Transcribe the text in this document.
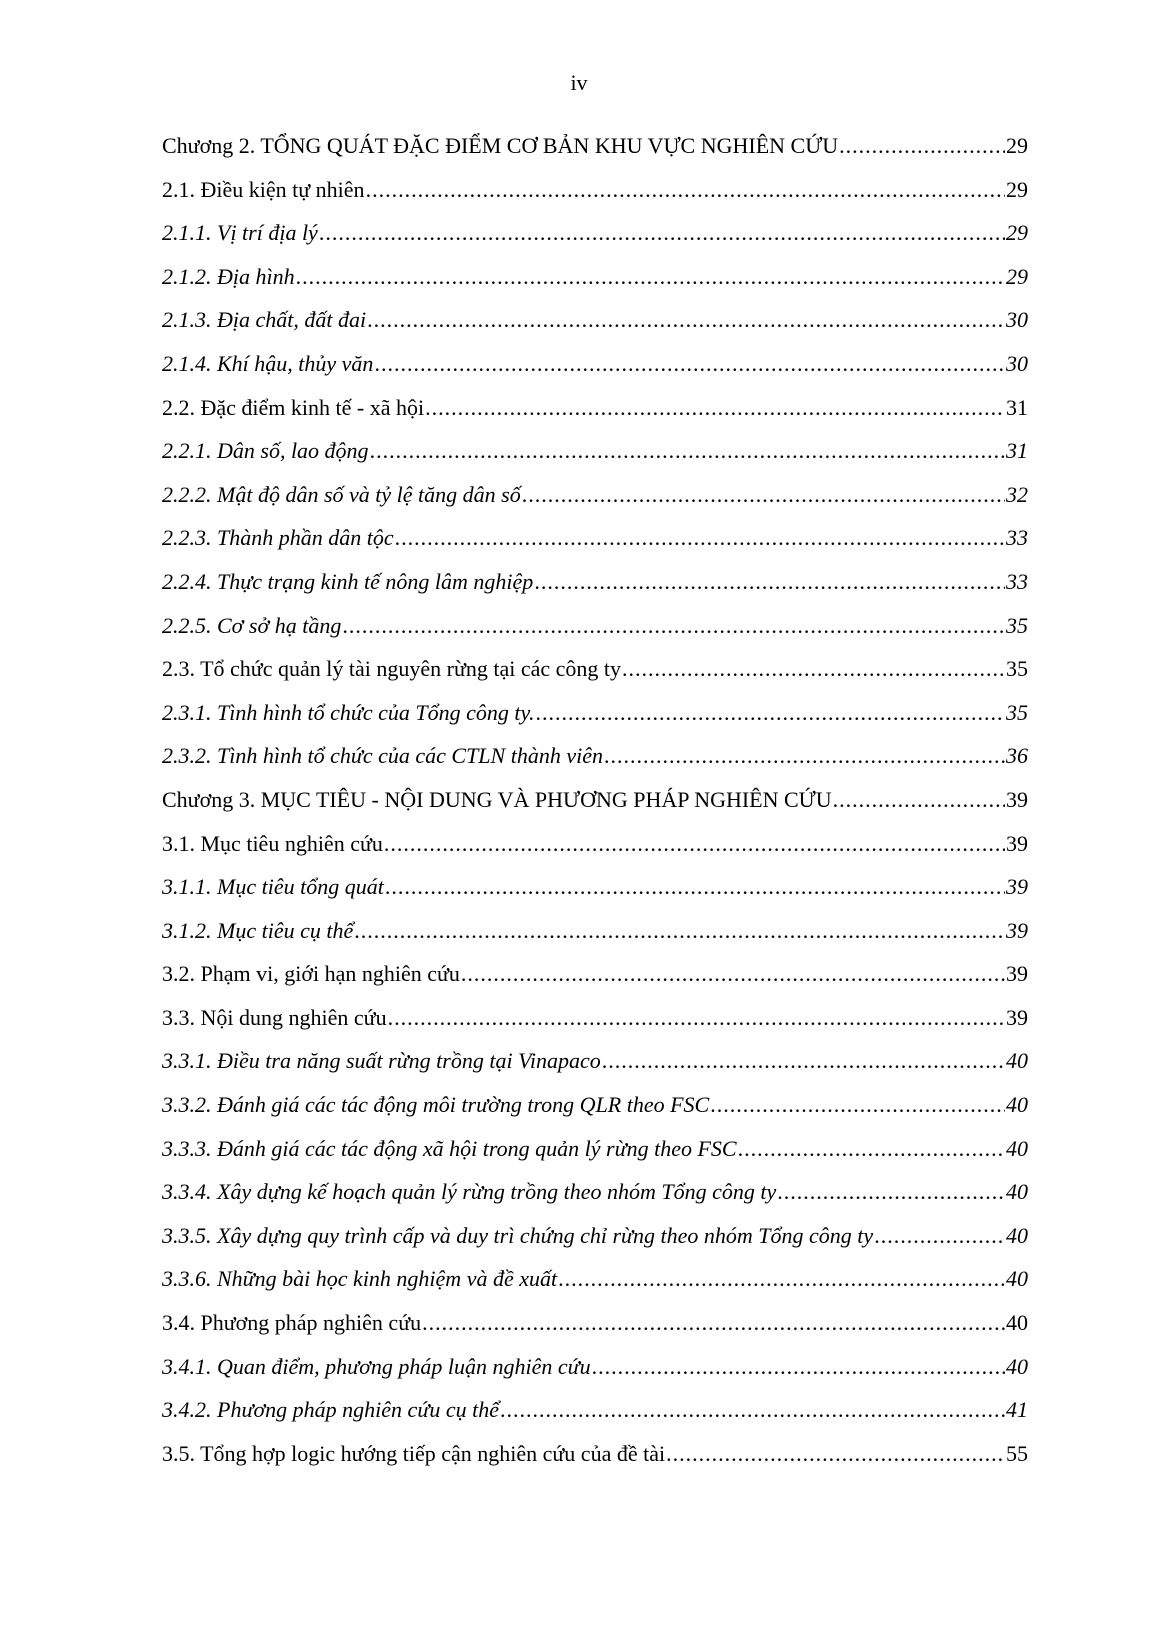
iv
Chương 2. TỔNG QUÁT ĐẶC ĐIỂM CƠ BẢN KHU VỰC NGHIÊN CỨU .....	29
2.1. Điều kiện tự nhiên .....	29
2.1.1. Vị trí địa lý .....	29
2.1.2. Địa hình .....	29
2.1.3. Địa chất, đất đai .....	30
2.1.4. Khí hậu, thủy văn .....	30
2.2. Đặc điểm kinh tế - xã hội .....	31
2.2.1. Dân số, lao động .....	31
2.2.2. Mật độ dân số và tỷ lệ tăng dân số .....	32
2.2.3. Thành phần dân tộc .....	33
2.2.4. Thực trạng kinh tế nông lâm nghiệp .....	33
2.2.5. Cơ sở hạ tầng .....	35
2.3. Tổ chức quản lý tài nguyên rừng tại các công ty .....	35
2.3.1. Tình hình tổ chức của Tổng công ty. .....	35
2.3.2. Tình hình tổ chức của các CTLN thành viên .....	36
Chương 3. MỤC TIÊU - NỘI DUNG VÀ PHƯƠNG PHÁP NGHIÊN CỨU .....	39
3.1. Mục tiêu nghiên cứu .....	39
3.1.1. Mục tiêu tổng quát .....	39
3.1.2. Mục tiêu cụ thể .....	39
3.2. Phạm vi, giới hạn nghiên cứu .....	39
3.3. Nội dung nghiên cứu .....	39
3.3.1. Điều tra năng suất rừng trồng tại Vinapaco .....	40
3.3.2. Đánh giá các tác động môi trường trong QLR theo FSC .....	40
3.3.3. Đánh giá các tác động xã hội trong quản lý rừng theo FSC .....	40
3.3.4. Xây dựng kế hoạch quản lý rừng trồng theo nhóm Tổng công ty .....	40
3.3.5. Xây dựng quy trình cấp và duy trì chứng chỉ rừng theo nhóm Tổng công ty .....	40
3.3.6. Những bài học kinh nghiệm và đề xuất .....	40
3.4. Phương pháp nghiên cứu .....	40
3.4.1. Quan điểm, phương pháp luận nghiên cứu .....	40
3.4.2. Phương pháp nghiên cứu cụ thể .....	41
3.5. Tổng hợp logic hướng tiếp cận nghiên cứu của đề tài .....	55
